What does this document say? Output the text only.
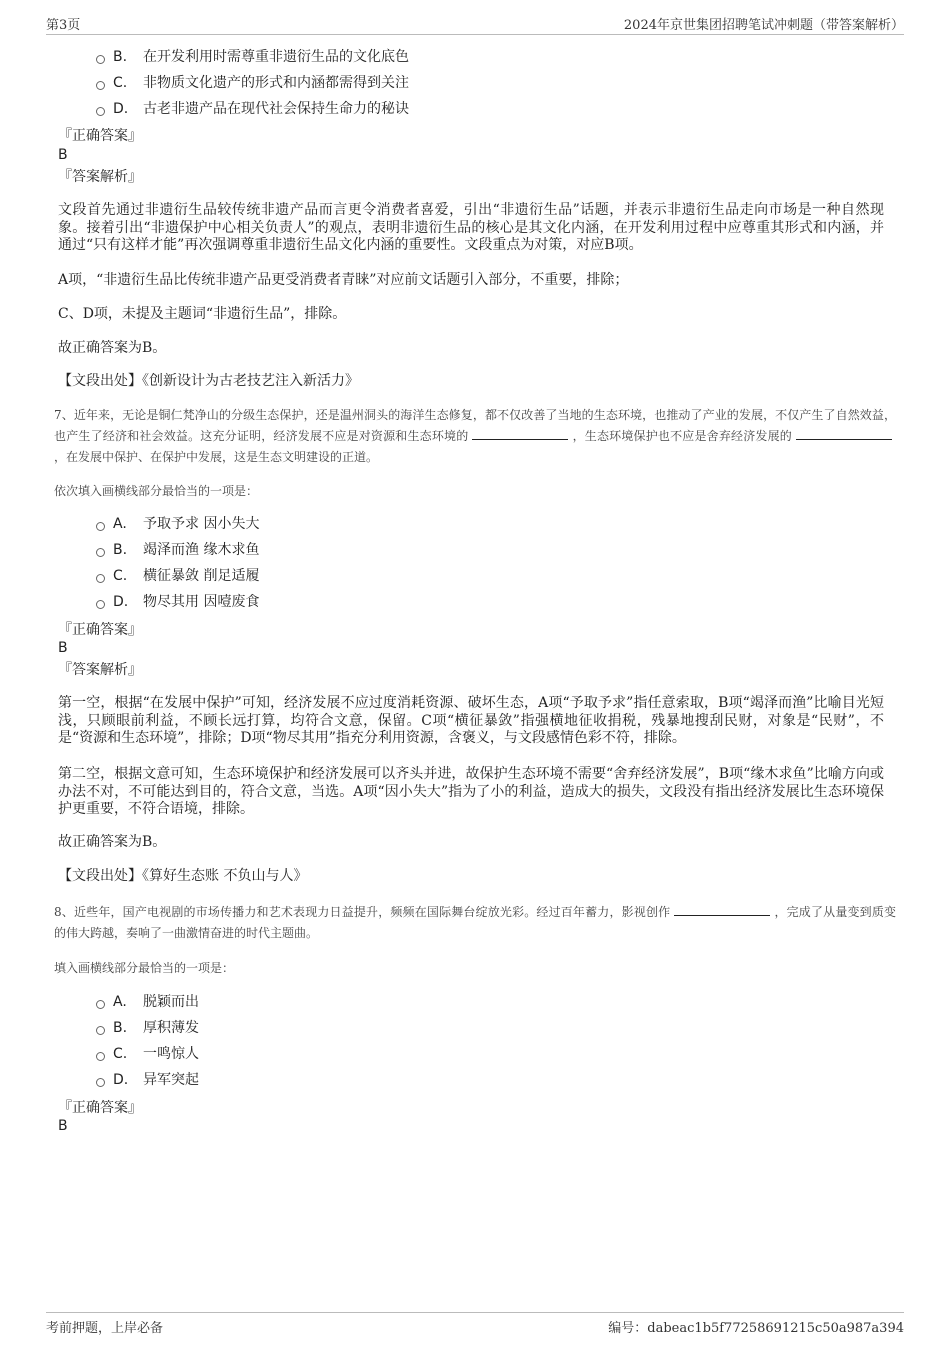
第3页	2024年京世集团招聘笔试冲刺题（带答案解析）
B.	在开发利用时需尊重非遗衍生品的文化底色
C.	非物质文化遗产的形式和内涵都需得到关注
D.	古老非遗产品在现代社会保持生命力的秘诀
『正确答案』
B
『答案解析』
文段首先通过非遗衍生品较传统非遗产品而言更令消费者喜爱，引出“非遗衍生品”话题，并表示非遗衍生品走向市场是一种自然现象。接着引出“非遗保护中心相关负责人”的观点，表明非遗衍生品的核心是其文化内涵，在开发利用过程中应尊重其形式和内涵，并通过“只有这样才能”再次强调尊重非遗衍生品文化内涵的重要性。文段重点为对策，对应B项。
A项，“非遗衍生品比传统非遗产品更受消费者青睐”对应前文话题引入部分，不重要，排除；
C、D项，未提及主题词“非遗衍生品”，排除。
故正确答案为B。
【文段出处】《创新设计为古老技艺注入新活力》
7、近年来，无论是铜仁梵净山的分级生态保护，还是温州洞头的海洋生态修复，都不仅改善了当地的生态环境，也推动了产业的发展，不仅产生了自然效益，也产生了经济和社会效益。这充分证明，经济发展不应是对资源和生态环境的	，生态环境保护也不应是舍弃经济发展的，在发展中保护、在保护中发展，这是生态文明建设的正道。
依次填入画横线部分最恰当的一项是：
A.	予取予求 因小失大
B.	竭泽而渔 缘木求鱼
C.	横征暴敛 削足适履
D.	物尽其用 因噎废食
『正确答案』
B
『答案解析』
第一空，根据“在发展中保护”可知，经济发展不应过度消耗资源、破坏生态，A项“予取予求”指任意索取，B项“竭泽而渔”比喻目光短浅，只顾眼前利益，不顾长远打算，均符合文意，保留。C项“横征暴敛”指强横地征收捐税，残暴地搜刮民财，对象是“民财”，不是“资源和生态环境”，排除；D项“物尽其用”指充分利用资源，含褒义，与文段感情色彩不符，排除。
第二空，根据文意可知，生态环境保护和经济发展可以齐头并进，故保护生态环境不需要“舍弃经济发展”，B项“缘木求鱼”比喻方向或办法不对，不可能达到目的，符合文意，当选。A项“因小失大”指为了小的利益，造成大的损失，文段没有指出经济发展比生态环境保护更重要，不符合语境，排除。
故正确答案为B。
【文段出处】《算好生态账 不负山与人》
8、近些年，国产电视剧的市场传播力和艺术表现力日益提升，频频在国际舞台绽放光彩。经过百年蓄力，影视创作	，完成了从量变到质变的伟大跨越，奏响了一曲激情奋进的时代主题曲。
填入画横线部分最恰当的一项是：
A.	脱颖而出
B.	厚积薄发
C.	一鸣惊人
D.	异军突起
『正确答案』
B
考前押题，上岸必备	编号：dabeac1b5f77258691215c50a987a394
